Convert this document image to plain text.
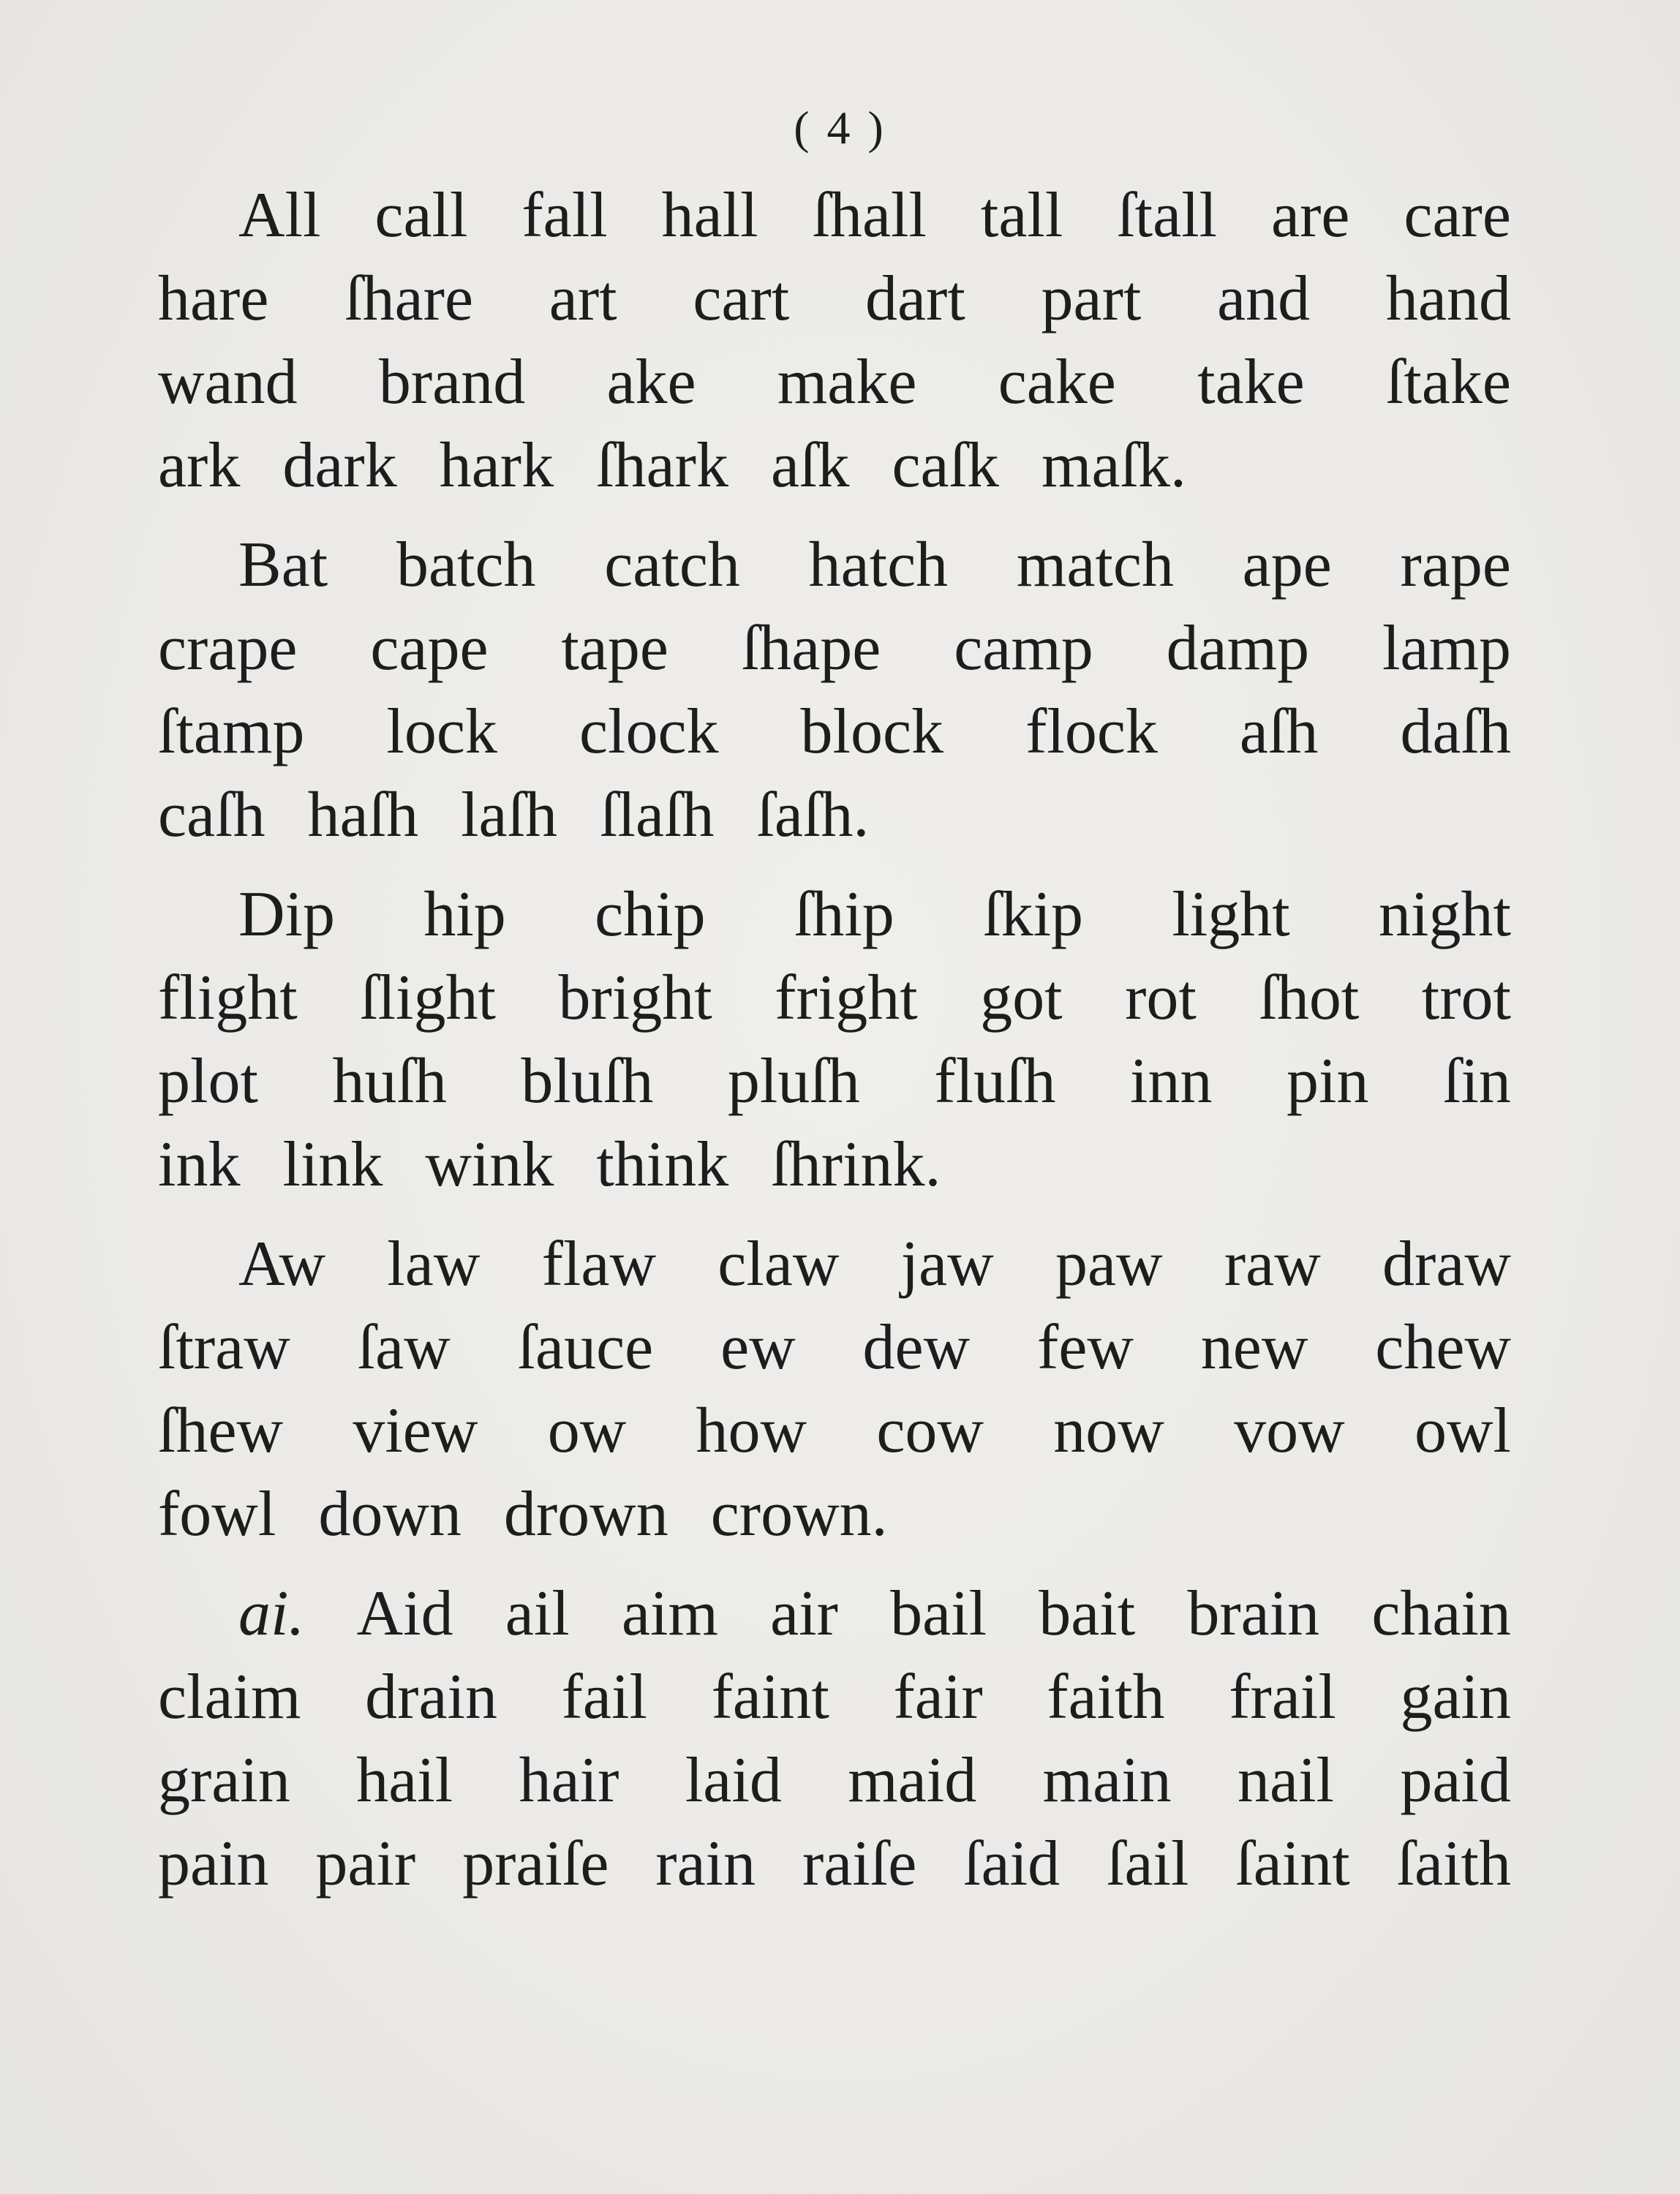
( 4 )
All call fall hall ſhall tall ſtall are care
hare ſhare art cart dart part and hand
wand brand ake make cake take ſtake
ark dark hark ſhark aſk caſk maſk.
Bat batch catch hatch match ape rape
crape cape tape ſhape camp damp lamp
ſtamp lock clock block flock aſh daſh
caſh haſh laſh ſlaſh ſaſh.
Dip hip chip ſhip ſkip light night
flight ſlight bright fright got rot ſhot trot
plot huſh bluſh pluſh fluſh inn pin ſin
ink link wink think ſhrink.
Aw law flaw claw jaw paw raw draw
ſtraw ſaw ſauce ew dew few new chew
ſhew view ow how cow now vow owl
fowl down drown crown.
ai. Aid ail aim air bail bait brain chain
claim drain fail faint fair faith frail gain
grain hail hair laid maid main nail paid
pain pair praiſe rain raiſe ſaid ſail ſaint ſaith
